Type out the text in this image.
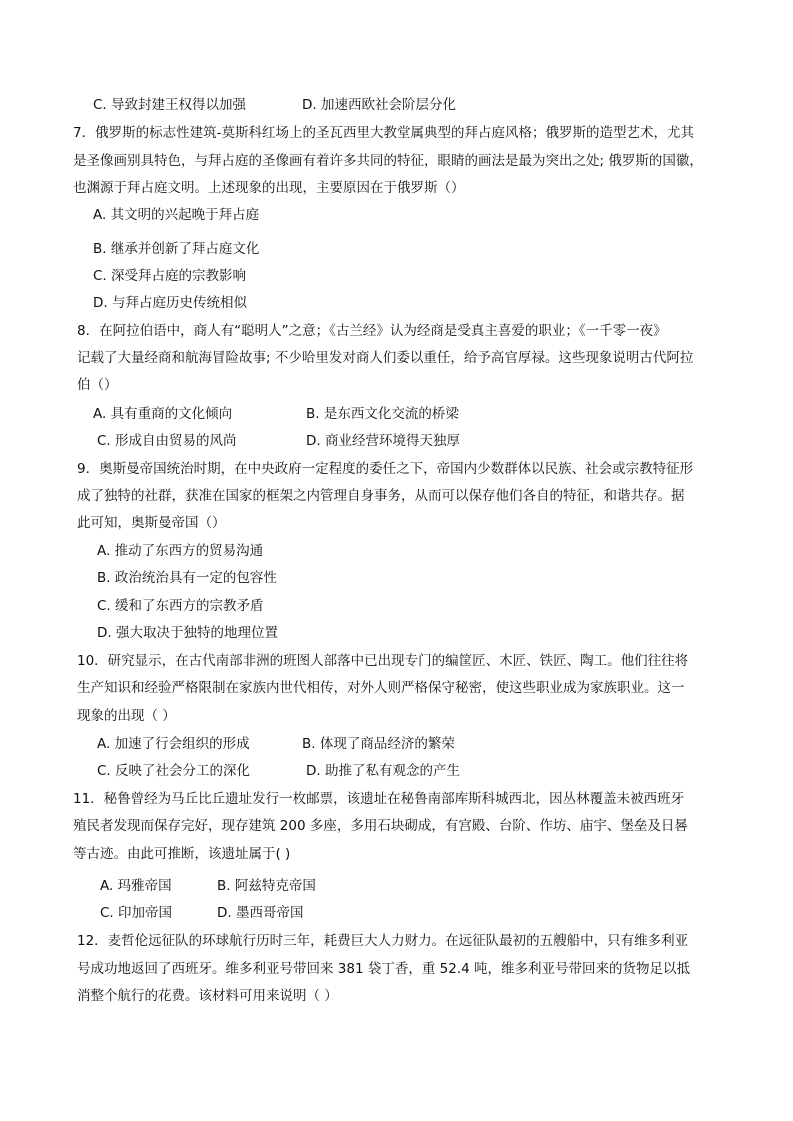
C. 导致封建王权得以加强	D. 加速西欧社会阶层分化
7．俄罗斯的标志性建筑-莫斯科红场上的圣瓦西里大教堂属典型的拜占庭风格；俄罗斯的造型艺术，尤其
是圣像画别具特色，与拜占庭的圣像画有着许多共同的特征，眼睛的画法是最为突出之处; 俄罗斯的国徽，
也渊源于拜占庭文明。上述现象的出现，主要原因在于俄罗斯（）
A. 其文明的兴起晚于拜占庭
B. 继承并创新了拜占庭文化
C. 深受拜占庭的宗教影响
D. 与拜占庭历史传统相似
8．在阿拉伯语中，商人有“聪明人”之意；《古兰经》认为经商是受真主喜爱的职业；《一千零一夜》
记载了大量经商和航海冒险故事; 不少哈里发对商人们委以重任，给予高官厚禄。这些现象说明古代阿拉
伯（）
A. 具有重商的文化倾向	B. 是东西文化交流的桥梁
C. 形成自由贸易的风尚	D. 商业经营环境得天独厚
9．奥斯曼帝国统治时期，在中央政府一定程度的委任之下，帝国内少数群体以民族、社会或宗教特征形
成了独特的社群，获准在国家的框架之内管理自身事务，从而可以保存他们各自的特征，和谐共存。据
此可知，奥斯曼帝国（）
A. 推动了东西方的贸易沟通
B. 政治统治具有一定的包容性
C. 缓和了东西方的宗教矛盾
D. 强大取决于独特的地理位置
10．研究显示，在古代南部非洲的班图人部落中已出现专门的编筐匠、木匠、铁匠、陶工。他们往往将
生产知识和经验严格限制在家族内世代相传，对外人则严格保守秘密，使这些职业成为家族职业。这一
现象的出现（ ）
A. 加速了行会组织的形成	B. 体现了商品经济的繁荣
C. 反映了社会分工的深化	D. 助推了私有观念的产生
11．秘鲁曾经为马丘比丘遗址发行一枚邮票，该遗址在秘鲁南部库斯科城西北，因丛林覆盖未被西班牙
殖民者发现而保存完好，现存建筑 200 多座，多用石块砌成，有宫殿、台阶、作坊、庙宇、堡垒及日晷
等古迹。由此可推断，该遗址属于( )
A. 玛雅帝国	B. 阿兹特克帝国
C. 印加帝国	D. 墨西哥帝国
12．麦哲伦远征队的环球航行历时三年，耗费巨大人力财力。在远征队最初的五艘船中，只有维多利亚
号成功地返回了西班牙。维多利亚号带回来 381 袋丁香，重 52.4 吨，维多利亚号带回来的货物足以抵
消整个航行的花费。该材料可用来说明（ ）
